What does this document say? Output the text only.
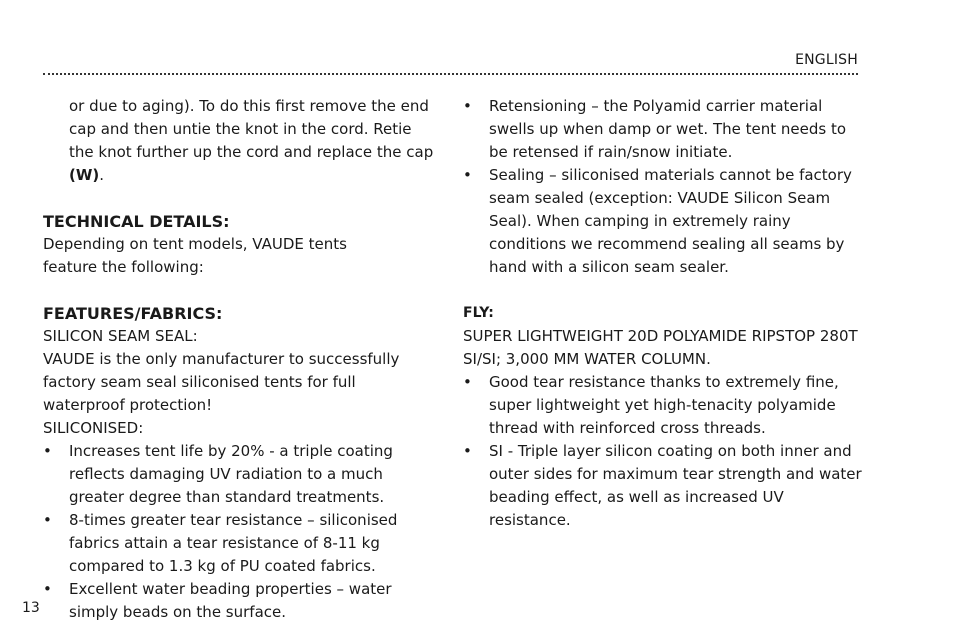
ENGLISH

or due to aging). To do this first remove the end cap and then untie the knot in the cord. Retie the knot further up the cord and replace the cap (W).

TECHNICAL DETAILS:

Depending on tent models, VAUDE tents feature the following:

FEATURES/FABRICS:

SILICON SEAM SEAL:

VAUDE is the only manufacturer to successfully factory seam seal siliconised tents for full waterproof protection!

SILICONISED:

• Increases tent life by 20% - a triple coating reflects damaging UV radiation to a much greater degree than standard treatments.
• 8-times greater tear resistance – siliconised fabrics attain a tear resistance of 8-11 kg compared to 1.3 kg of PU coated fabrics.
• Excellent water beading properties – water simply beads on the surface.
• Retensioning – the Polyamid carrier material swells up when damp or wet. The tent needs to be retensed if rain/snow initiate.
• Sealing – siliconised materials cannot be factory seam sealed (exception: VAUDE Silicon Seam Seal). When camping in extremely rainy conditions we recommend sealing all seams by hand with a silicon seam sealer.

FLY:

SUPER LIGHTWEIGHT 20D POLYAMIDE RIPSTOP 280T SI/SI; 3,000 MM WATER COLUMN.

• Good tear resistance thanks to extremely fine, super lightweight yet high-tenacity polyamide thread with reinforced cross threads.
• SI - Triple layer silicon coating on both inner and outer sides for maximum tear strength and water beading effect, as well as increased UV resistance.
13
